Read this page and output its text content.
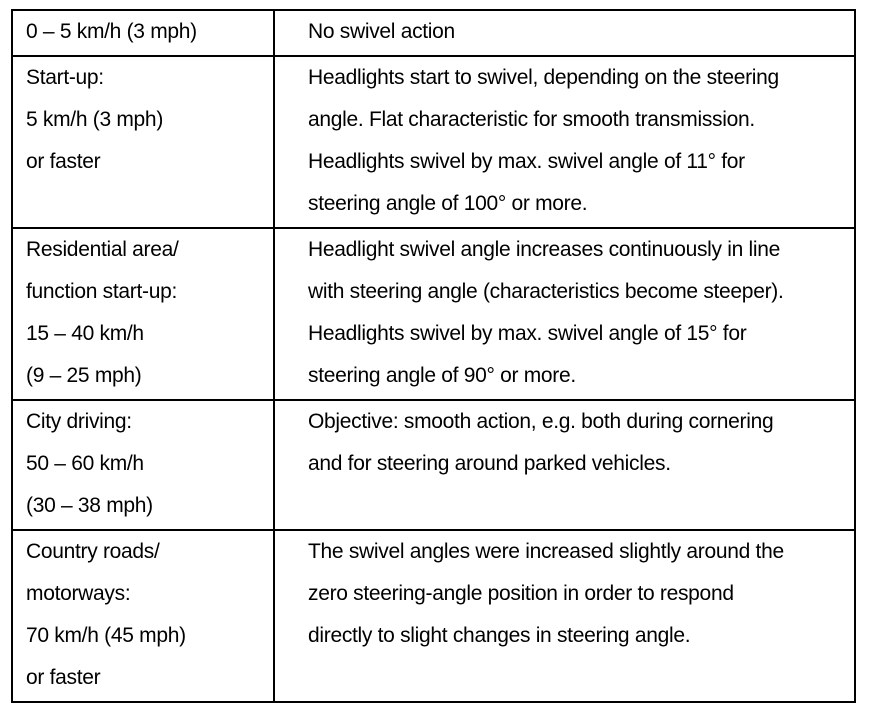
0 – 5 km/h (3 mph)	No swivel action

Start-up:
5 km/h (3 mph)
or faster	Headlights start to swivel, depending on the steering
angle. Flat characteristic for smooth transmission.
Headlights swivel by max. swivel angle of 11° for
steering angle of 100° or more.

Residential area/
function start-up:
15 – 40 km/h
(9 – 25 mph)	Headlight swivel angle increases continuously in line
with steering angle (characteristics become steeper).
Headlights swivel by max. swivel angle of 15° for
steering angle of 90° or more.

City driving:
50 – 60 km/h
(30 – 38 mph)	Objective: smooth action, e.g. both during cornering
and for steering around parked vehicles.

Country roads/
motorways:
70 km/h (45 mph)
or faster	The swivel angles were increased slightly around the
zero steering-angle position in order to respond
directly to slight changes in steering angle.
